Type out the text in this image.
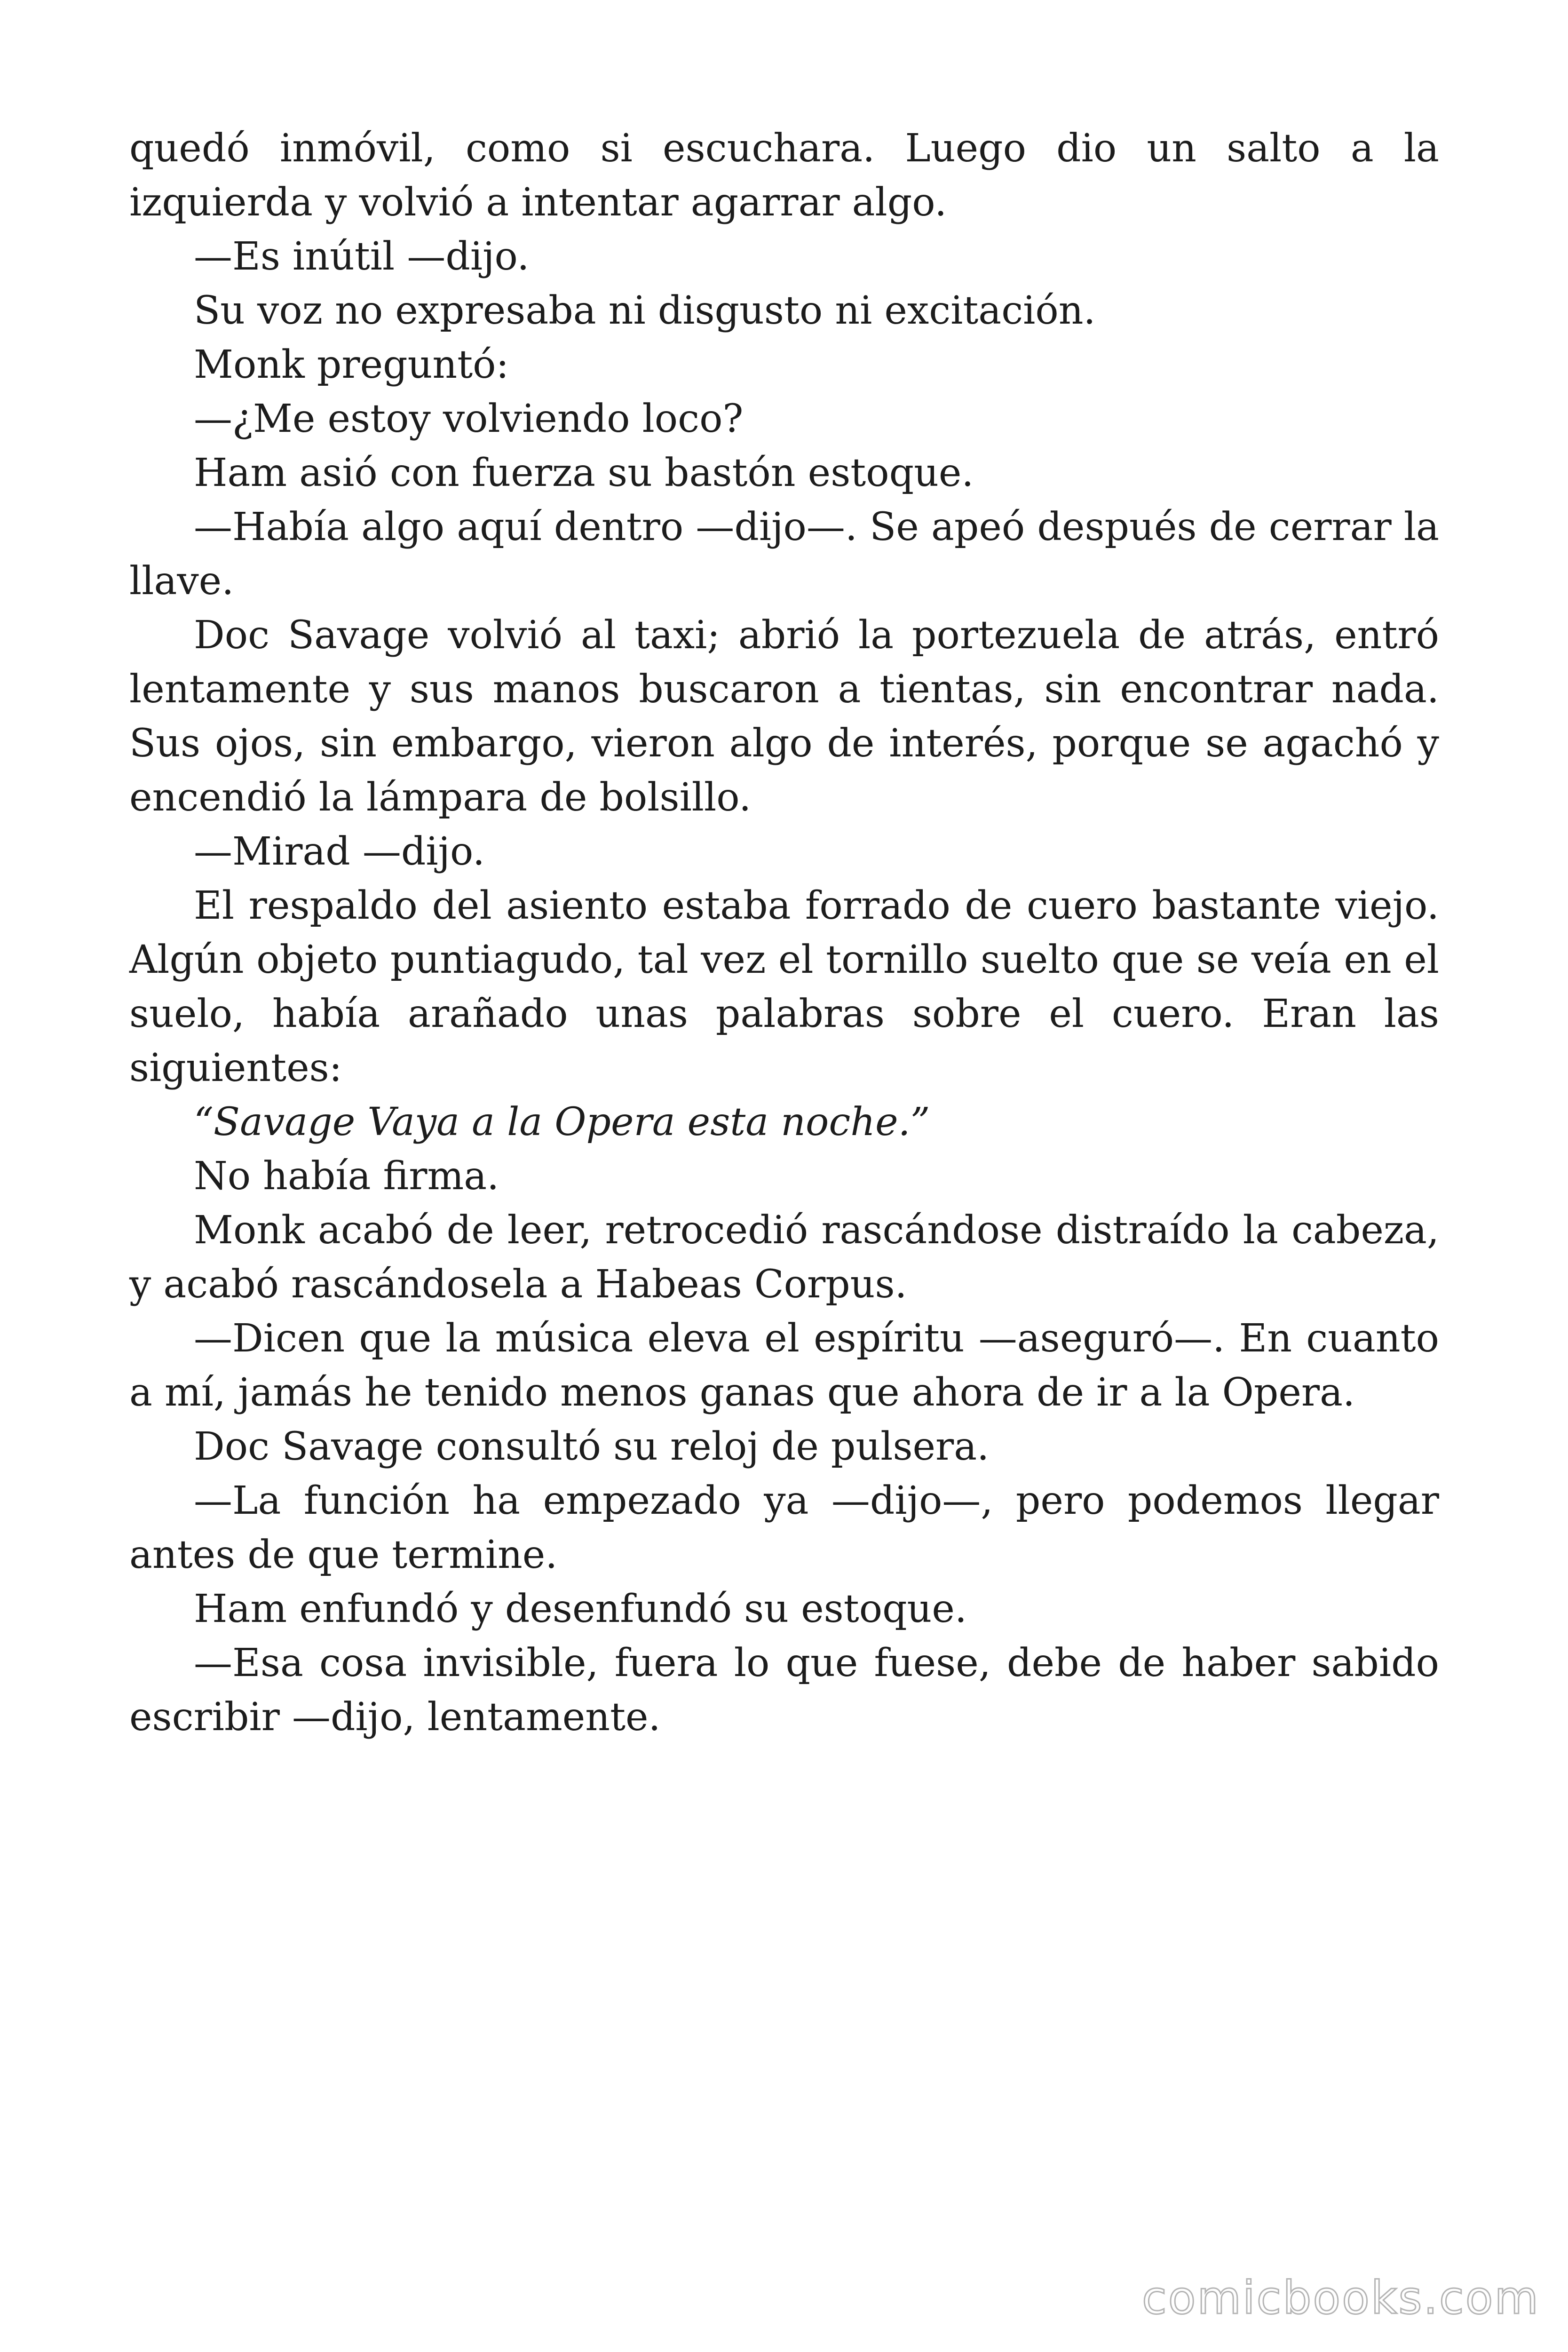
quedó inmóvil, como si escuchara. Luego dio un salto a la izquierda y volvió a intentar agarrar algo.

—Es inútil —dijo.

Su voz no expresaba ni disgusto ni excitación.

Monk preguntó:

—¿Me estoy volviendo loco?

Ham asió con fuerza su bastón estoque.

—Había algo aquí dentro —dijo—. Se apeó después de cerrar la llave.

Doc Savage volvió al taxi; abrió la portezuela de atrás, entró lentamente y sus manos buscaron a tientas, sin encontrar nada. Sus ojos, sin embargo, vieron algo de interés, porque se agachó y encendió la lámpara de bolsillo.

—Mirad —dijo.

El respaldo del asiento estaba forrado de cuero bastante viejo. Algún objeto puntiagudo, tal vez el tornillo suelto que se veía en el suelo, había arañado unas palabras sobre el cuero. Eran las siguientes:

“Savage Vaya a la Opera esta noche.”

No había firma.

Monk acabó de leer, retrocedió rascándose distraído la cabeza, y acabó rascándosela a Habeas Corpus.

—Dicen que la música eleva el espíritu —aseguró—. En cuanto a mí, jamás he tenido menos ganas que ahora de ir a la Opera.

Doc Savage consultó su reloj de pulsera.

—La función ha empezado ya —dijo—, pero podemos llegar antes de que termine.

Ham enfundó y desenfundó su estoque.

—Esa cosa invisible, fuera lo que fuese, debe de haber sabido escribir —dijo, lentamente.

comicbooks.com
